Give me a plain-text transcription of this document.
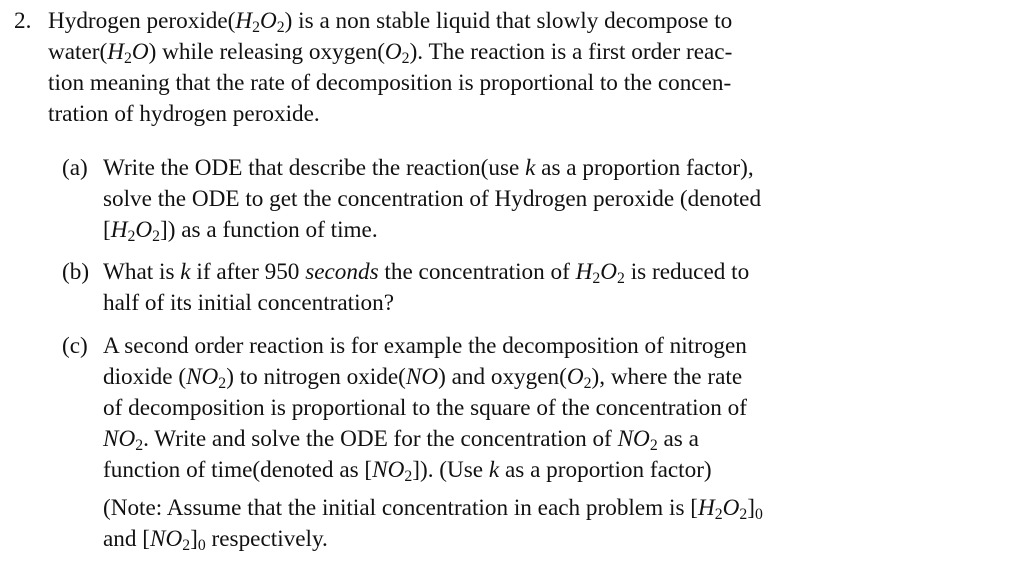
2. Hydrogen $peroxide(H_2O_2)$ is a non stable liquid that slowly decompose to
$water(H_2O)$ while releasing $oxygen(O_2)$. The reaction is a first order reac-
tion meaning that the rate of decomposition is proportional to the concen-
tration of hydrogen peroxide.
(a) Write the ODE that describe the reaction(use k as a proportion factor),
solve the ODE to get the concentration of Hydrogen peroxide (denoted
$[H_2O_2]$) as a function of time.
(b) What is k if after 950 seconds the concentration of $H_2O_2$ is reduced to
half of its initial concentration?
(c) A second order reaction is for example the decomposition of nitrogen
dioxide $(NO_2)$ to nitrogen oxide(NO) and $oxygen(O_2)$, where the rate
of decomposition is proportional to the square of the concentration of
$NO_2$. Write and solve the ODE for the concentration of $NO_2$ as a
function of time(denoted as $[NO_2]$). (Use k as a proportion factor)
(Note: Assume that the initial concentration in each problem is $[H_2O_2]_0$
and $[NO_2]_0$ respectively.
